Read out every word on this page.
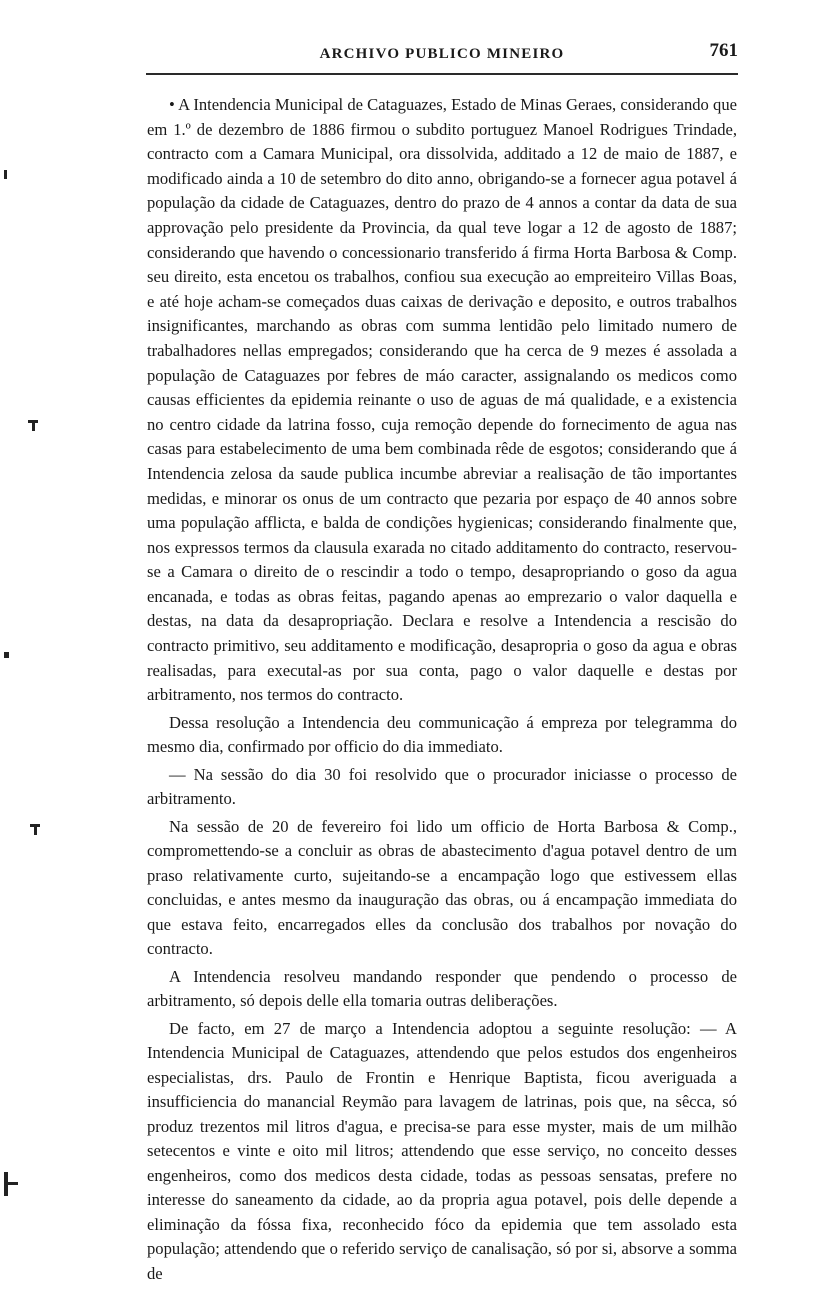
ARCHIVO PUBLICO MINEIRO	761

• A Intendencia Municipal de Cataguazes, Estado de Minas Geraes, considerando que em 1.º de dezembro de 1886 firmou o subdito portuguez Manoel Rodrigues Trindade, contracto com a Camara Municipal, ora dissolvida, additado a 12 de maio de 1887, e modificado ainda a 10 de setembro do dito anno, obrigando-se a fornecer agua potavel á população da cidade de Cataguazes, dentro do prazo de 4 annos a contar da data de sua approvação pelo presidente da Provincia, da qual teve logar a 12 de agosto de 1887; considerando que havendo o concessionario transferido á firma Horta Barbosa & Comp. seu direito, esta encetou os trabalhos, confiou sua execução ao empreiteiro Villas Boas, e até hoje acham-se começados duas caixas de derivação e deposito, e outros trabalhos insignificantes, marchando as obras com summa lentidão pelo limitado numero de trabalhadores nellas empregados; considerando que ha cerca de 9 mezes é assolada a população de Cataguazes por febres de máo caracter, assignalando os medicos como causas efficientes da epidemia reinante o uso de aguas de má qualidade, e a existencia no centro cidade da latrina fosso, cuja remoção depende do fornecimento de agua nas casas para estabelecimento de uma bem combinada rêde de esgotos; considerando que á Intendencia zelosa da saude publica incumbe abreviar a realisação de tão importantes medidas, e minorar os onus de um contracto que pezaria por espaço de 40 annos sobre uma população afflicta, e balda de condições hygienicas; considerando finalmente que, nos expressos termos da clausula exarada no citado additamento do contracto, reservou-se a Camara o direito de o rescindir a todo o tempo, desapropriando o goso da agua encanada, e todas as obras feitas, pagando apenas ao emprezario o valor daquella e destas, na data da desapropriação. Declara e resolve a Intendencia a rescisão do contracto primitivo, seu additamento e modificação, desapropria o goso da agua e obras realisadas, para executal-as por sua conta, pago o valor daquelle e destas por arbitramento, nos termos do contracto.

Dessa resolução a Intendencia deu communicação á empreza por telegramma do mesmo dia, confirmado por officio do dia immediato.

— Na sessão do dia 30 foi resolvido que o procurador iniciasse o processo de arbitramento.

Na sessão de 20 de fevereiro foi lido um officio de Horta Barbosa & Comp., compromettendo-se a concluir as obras de abastecimento d'agua potavel dentro de um praso relativamente curto, sujeitando-se a encampação logo que estivessem ellas concluidas, e antes mesmo da inauguração das obras, ou á encampação immediata do que estava feito, encarregados elles da conclusão dos trabalhos por novação do contracto.

A Intendencia resolveu mandando responder que pendendo o processo de arbitramento, só depois delle ella tomaria outras deliberações.

De facto, em 27 de março a Intendencia adoptou a seguinte resolução: — A Intendencia Municipal de Cataguazes, attendendo que pelos estudos dos engenheiros especialistas, drs. Paulo de Frontin e Henrique Baptista, ficou averiguada a insufficiencia do manancial Reymão para lavagem de latrinas, pois que, na sêcca, só produz trezentos mil litros d'agua, e precisa-se para esse myster, mais de um milhão setecentos e vinte e oito mil litros; attendendo que esse serviço, no conceito desses engenheiros, como dos medicos desta cidade, todas as pessoas sensatas, prefere no interesse do saneamento da cidade, ao da propria agua potavel, pois delle depende a eliminação da fóssa fixa, reconhecido fóco da epidemia que tem assolado esta população; attendendo que o referido serviço de canalisação, só por si, absorve a somma de
